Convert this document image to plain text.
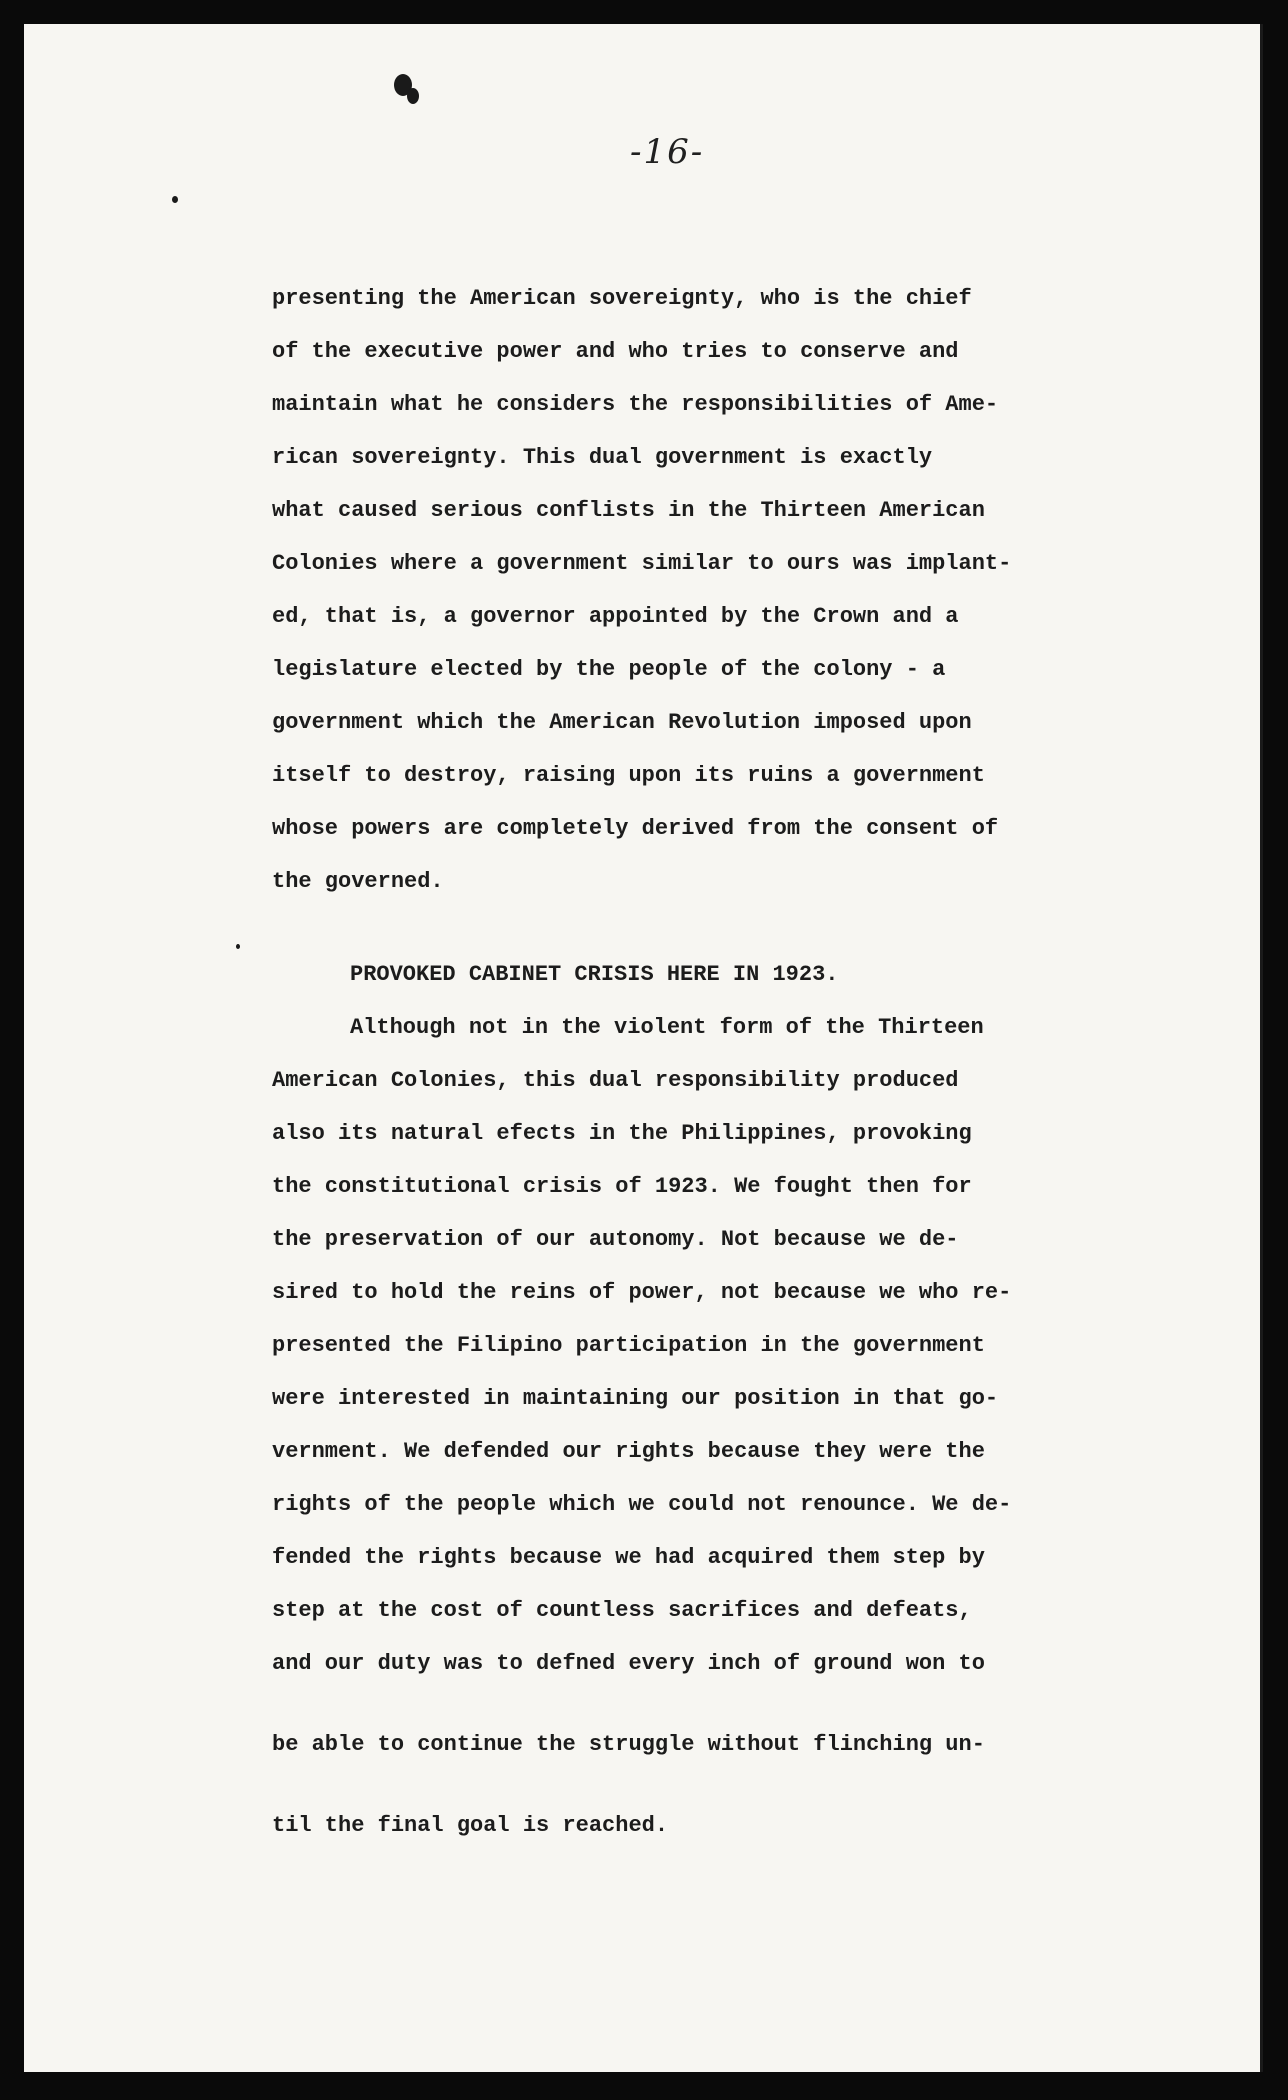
-16-
presenting the American sovereignty, who is the chief
of the executive power and who tries to conserve and
maintain what he considers the responsibilities of Ame-
rican sovereignty. This dual government is exactly
what caused serious conflists in the Thirteen American
Colonies where a government similar to ours was implant-
ed, that is, a governor appointed by the Crown and a
legislature elected by the people of the colony - a
government which the American Revolution imposed upon
itself to destroy, raising upon its ruins a government
whose powers are completely derived from the consent of
the governed.
PROVOKED CABINET CRISIS HERE IN 1923.
Although not in the violent form of the Thirteen
American Colonies, this dual responsibility produced
also its natural efects in the Philippines, provoking
the constitutional crisis of 1923. We fought then for
the preservation of our autonomy. Not because we de-
sired to hold the reins of power, not because we who re-
presented the Filipino participation in the government
were interested in maintaining our position in that go-
vernment. We defended our rights because they were the
rights of the people which we could not renounce. We de-
fended the rights because we had acquired them step by
step at the cost of countless sacrifices and defeats,
and our duty was to defned every inch of ground won to
be able to continue the struggle without flinching un-
til the final goal is reached.
